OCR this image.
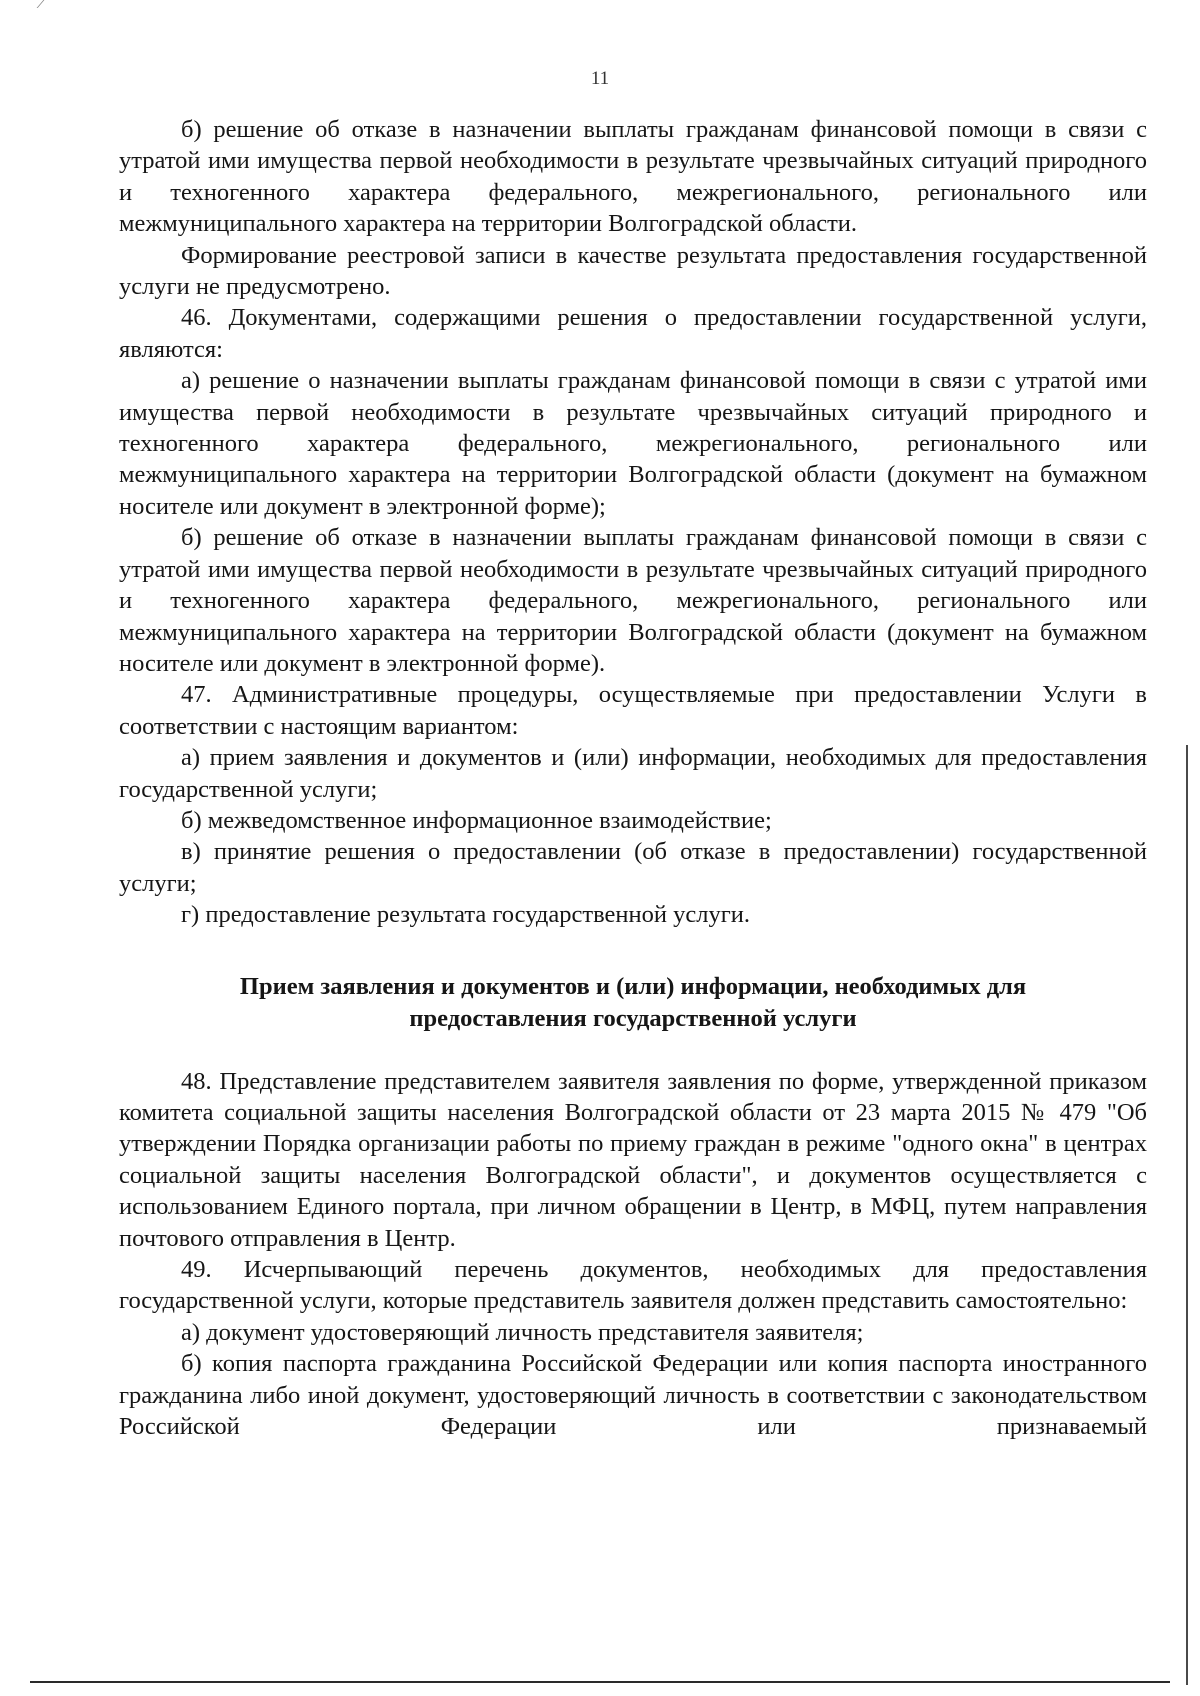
11

б) решение об отказе в назначении выплаты гражданам финансовой помощи в связи с утратой ими имущества первой необходимости в результате чрезвычайных ситуаций природного и техногенного характера федерального, межрегионального, регионального или межмуниципального характера на территории Волгоградской области.

Формирование реестровой записи в качестве результата предоставления государственной услуги не предусмотрено.

46. Документами, содержащими решения о предоставлении государственной услуги, являются:

а) решение о назначении выплаты гражданам финансовой помощи в связи с утратой ими имущества первой необходимости в результате чрезвычайных ситуаций природного и техногенного характера федерального, межрегионального, регионального или межмуниципального характера на территории Волгоградской области (документ на бумажном носителе или документ в электронной форме);

б) решение об отказе в назначении выплаты гражданам финансовой помощи в связи с утратой ими имущества первой необходимости в результате чрезвычайных ситуаций природного и техногенного характера федерального, межрегионального, регионального или межмуниципального характера на территории Волгоградской области (документ на бумажном носителе или документ в электронной форме).

47. Административные процедуры, осуществляемые при предоставлении Услуги в соответствии с настоящим вариантом:

а) прием заявления и документов и (или) информации, необходимых для предоставления государственной услуги;

б) межведомственное информационное взаимодействие;

в) принятие решения о предоставлении (об отказе в предоставлении) государственной услуги;

г) предоставление результата государственной услуги.

Прием заявления и документов и (или) информации, необходимых для предоставления государственной услуги

48. Представление представителем заявителя заявления по форме, утвержденной приказом комитета социальной защиты населения Волгоградской области от 23 марта 2015 № 479 "Об утверждении Порядка организации работы по приему граждан в режиме "одного окна" в центрах социальной защиты населения Волгоградской области", и документов осуществляется с использованием Единого портала, при личном обращении в Центр, в МФЦ, путем направления почтового отправления в Центр.

49. Исчерпывающий перечень документов, необходимых для предоставления государственной услуги, которые представитель заявителя должен представить самостоятельно:

а) документ удостоверяющий личность представителя заявителя;

б) копия паспорта гражданина Российской Федерации или копия паспорта иностранного гражданина либо иной документ, удостоверяющий личность в соответствии с законодательством Российской Федерации или признаваемый
